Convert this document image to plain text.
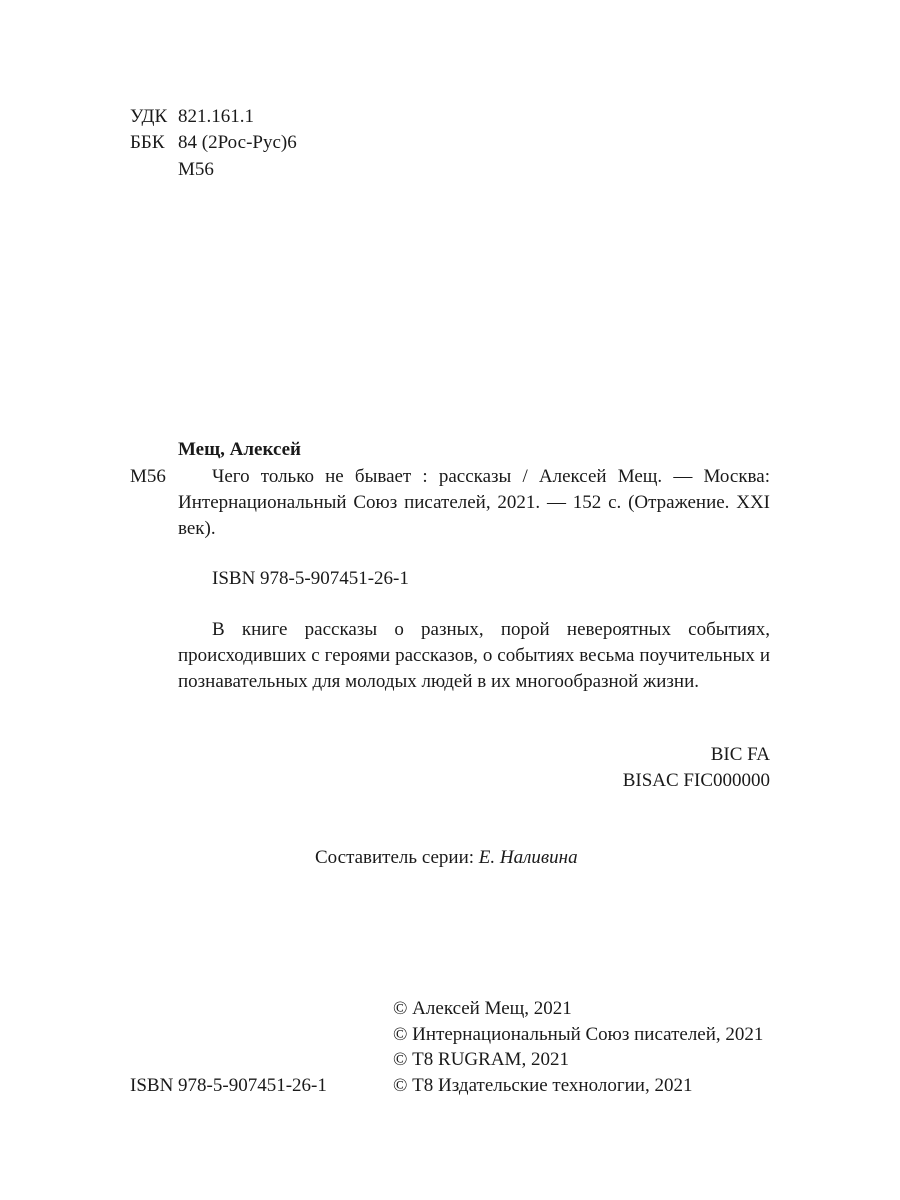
УДК 821.161.1
ББК 84 (2Рос-Рус)6
М56
Мещ, Алексей
М56	Чего только не бывает : рассказы / Алексей Мещ. — Москва: Интернациональный Союз писателей, 2021. — 152 с. (Отражение. XXI век).
ISBN 978-5-907451-26-1
В книге рассказы о разных, порой невероятных событиях, происходивших с героями рассказов, о событиях весьма поучительных и познавательных для молодых людей в их многообразной жизни.
BIC FA
BISAC FIC000000
Составитель серии: Е. Наливина
© Алексей Мещ, 2021
© Интернациональный Союз писателей, 2021
© Т8 RUGRAM, 2021
ISBN 978-5-907451-26-1	© Т8 Издательские технологии, 2021
